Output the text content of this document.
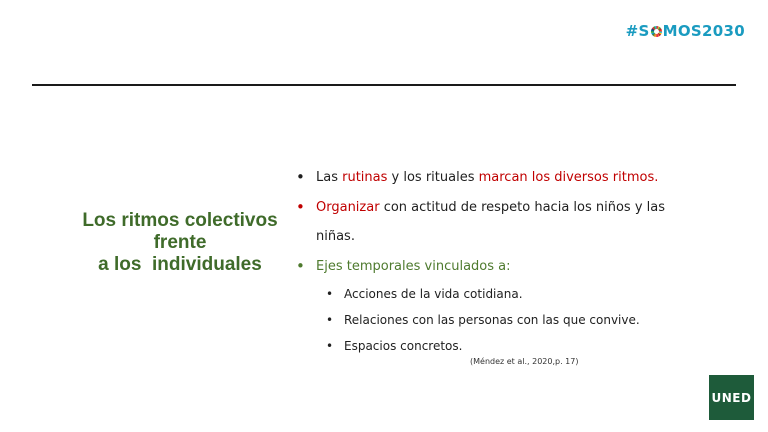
#S MOS2030
Los ritmos colectivos
frente
a los  individuales
• Las rutinas y los rituales marcan los diversos ritmos.
• Organizar con actitud de respeto hacia los niños y las niñas.
• Ejes temporales vinculados a:
• Acciones de la vida cotidiana.
• Relaciones con las personas con las que convive.
• Espacios concretos.
(Méndez et al., 2020,p. 17)
UNED
